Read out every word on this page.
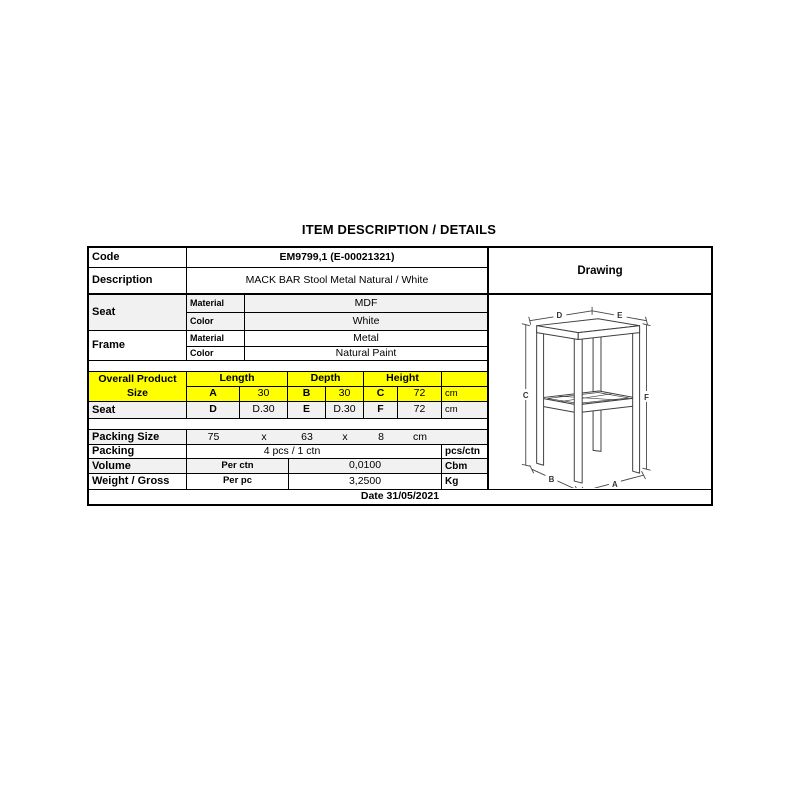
ITEM DESCRIPTION / DETAILS
Code	EM9799,1 (E-00021321)
Description	MACK BAR Stool Metal Natural / White
Seat
Material	MDF
Color	White
Frame
Material	Metal
Color	Natural Paint
Overall Product Size
Length	Depth	Height
A	30	B	30	C	72	cm
Seat	D	D.30	E	D.30	F	72	cm
Packing Size	75	x	63	x	8	cm
Packing	4 pcs / 1 ctn	pcs/ctn
Volume	Per ctn	0,0100	Cbm
Weight / Gross	Per pc	3,2500	Kg
Date 31/05/2021
Drawing
D	E
C	F
B
A
